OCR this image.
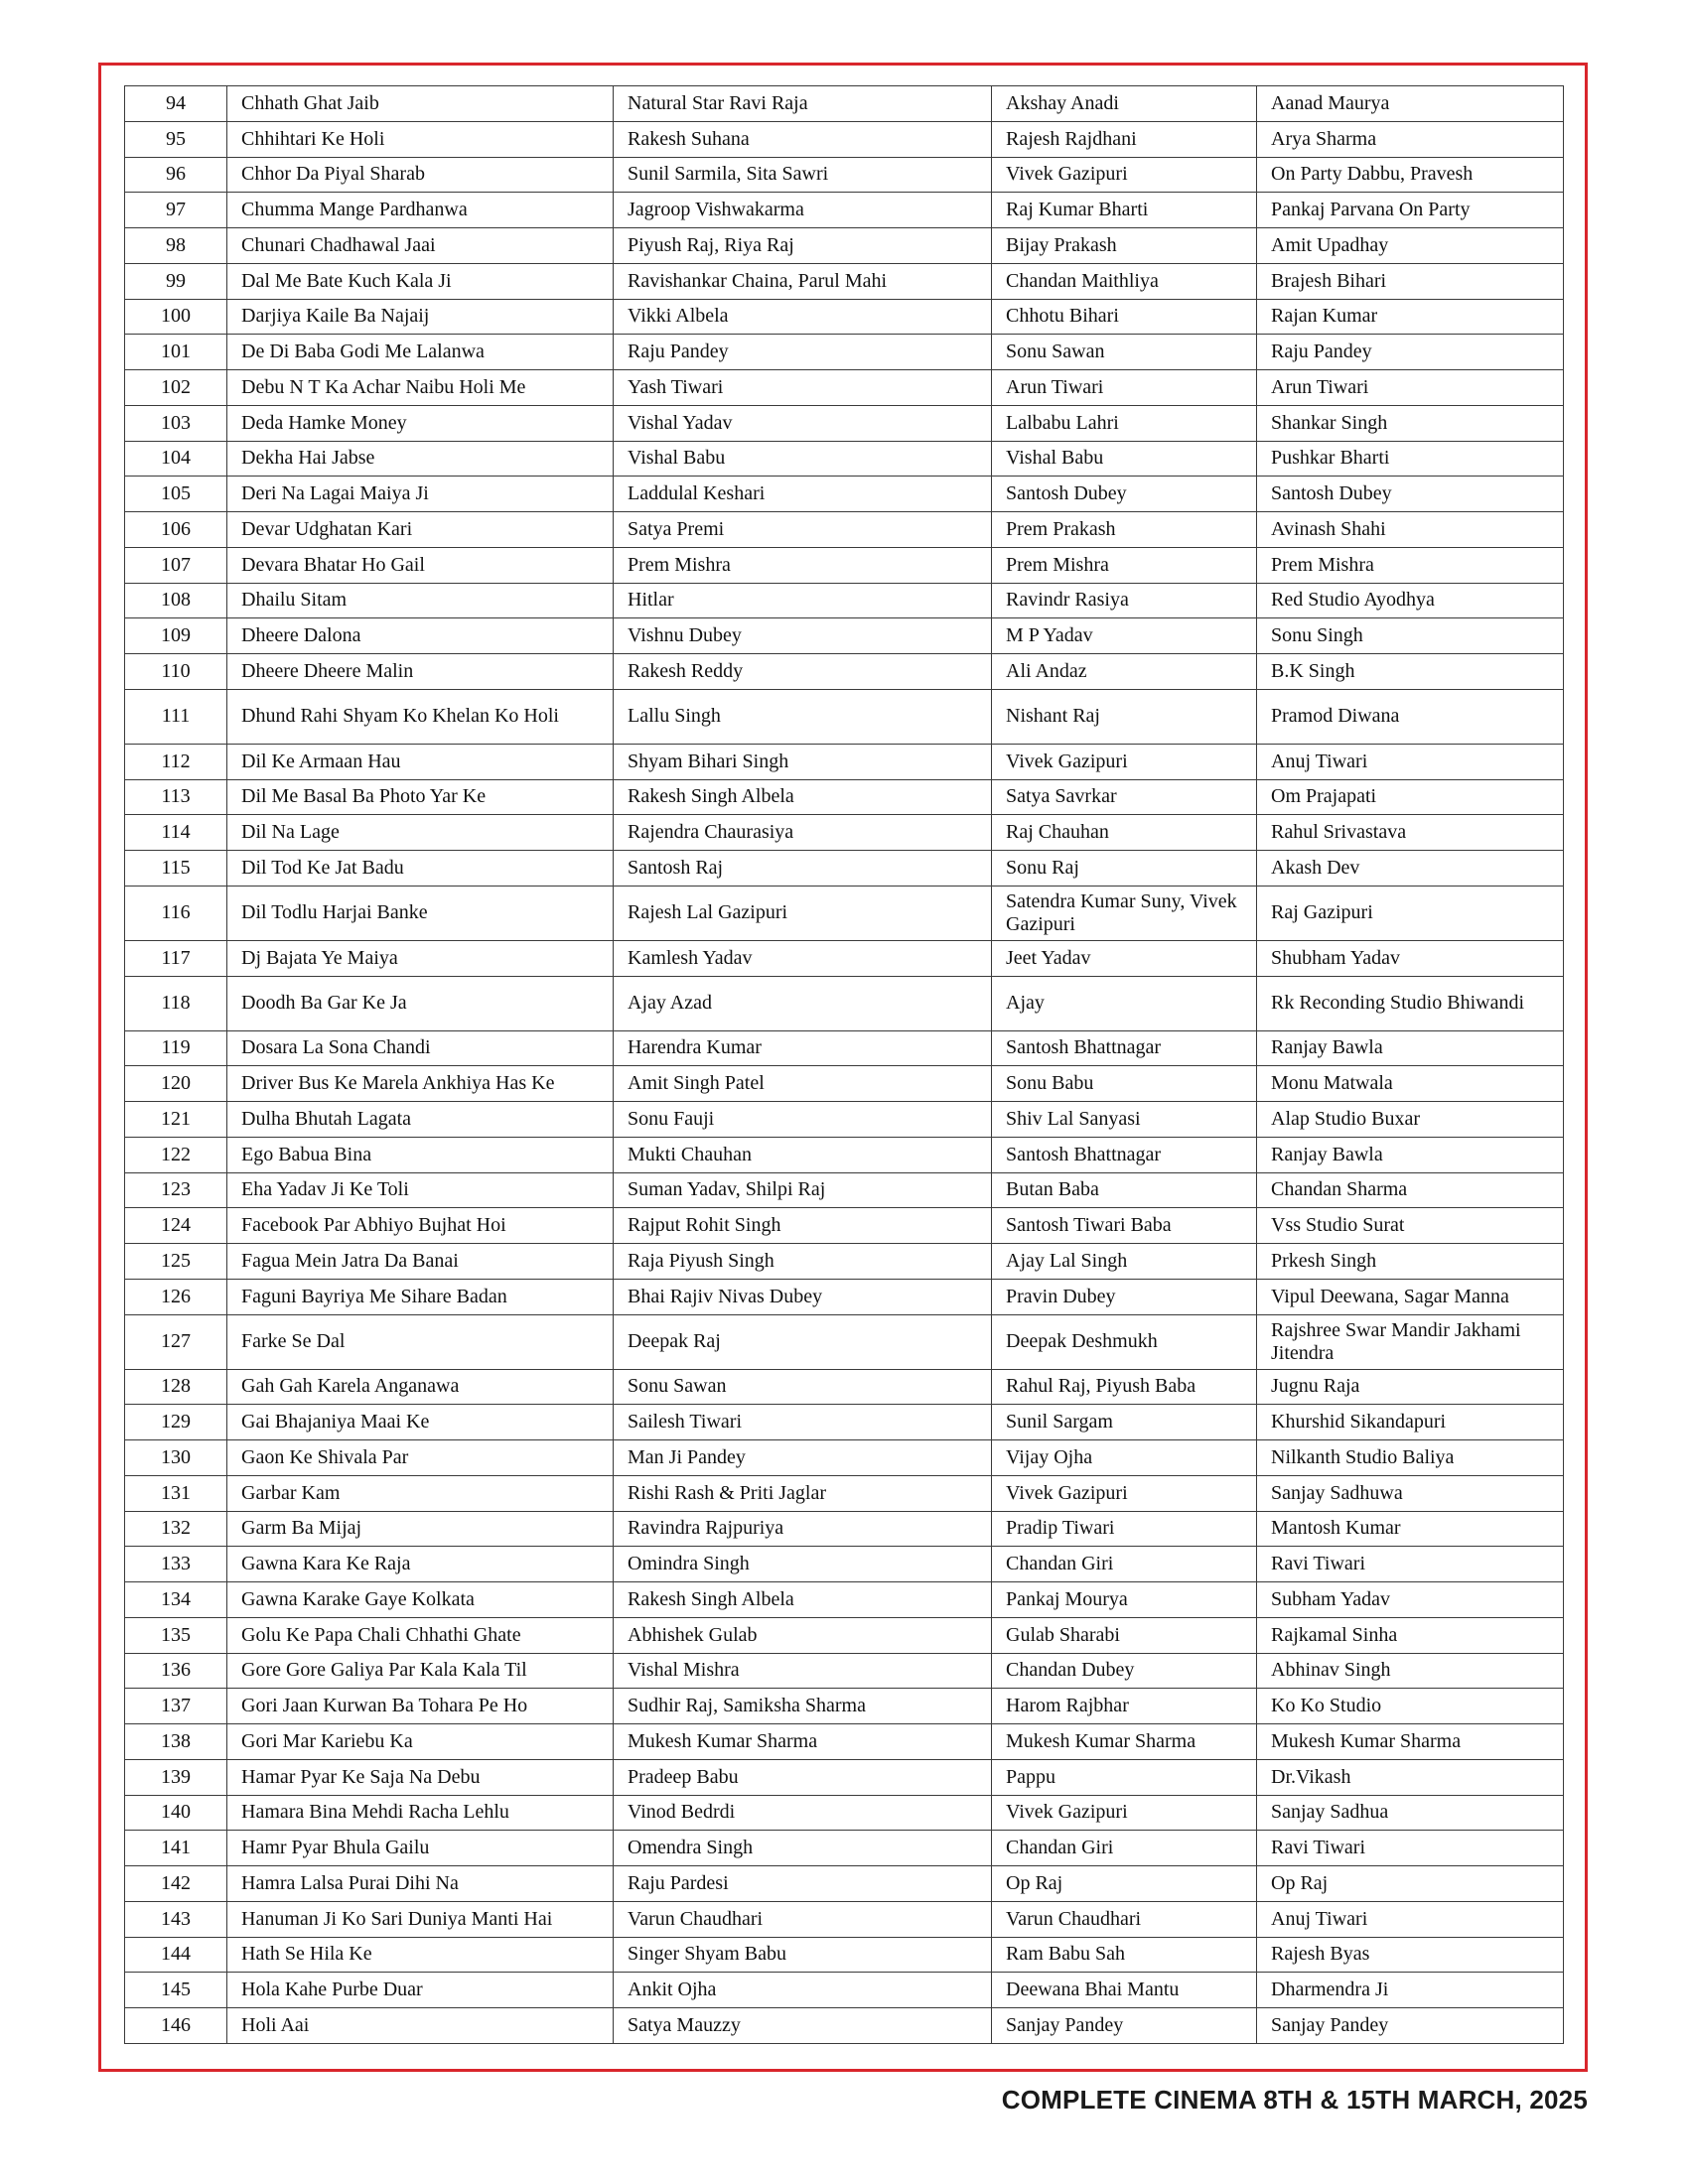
94	Chhath Ghat Jaib	Natural Star Ravi Raja	Akshay Anadi	Aanad Maurya
95	Chhihtari Ke Holi	Rakesh Suhana	Rajesh Rajdhani	Arya Sharma
96	Chhor Da Piyal Sharab	Sunil Sarmila, Sita Sawri	Vivek Gazipuri	On Party Dabbu, Pravesh
97	Chumma Mange Pardhanwa	Jagroop Vishwakarma	Raj Kumar Bharti	Pankaj Parvana On Party
98	Chunari Chadhawal Jaai	Piyush Raj, Riya Raj	Bijay Prakash	Amit Upadhay
99	Dal Me Bate Kuch Kala Ji	Ravishankar Chaina, Parul Mahi	Chandan Maithliya	Brajesh Bihari
100	Darjiya Kaile Ba Najaij	Vikki Albela	Chhotu Bihari	Rajan Kumar
101	De Di Baba Godi Me Lalanwa	Raju Pandey	Sonu Sawan	Raju Pandey
102	Debu N T Ka Achar Naibu Holi Me	Yash Tiwari	Arun Tiwari	Arun Tiwari
103	Deda Hamke Money	Vishal Yadav	Lalbabu Lahri	Shankar Singh
104	Dekha Hai Jabse	Vishal Babu	Vishal Babu	Pushkar Bharti
105	Deri Na Lagai Maiya Ji	Laddulal Keshari	Santosh Dubey	Santosh Dubey
106	Devar Udghatan Kari	Satya Premi	Prem Prakash	Avinash Shahi
107	Devara Bhatar Ho Gail	Prem Mishra	Prem Mishra	Prem Mishra
108	Dhailu Sitam	Hitlar	Ravindr Rasiya	Red Studio Ayodhya
109	Dheere Dalona	Vishnu Dubey	M P Yadav	Sonu Singh
110	Dheere Dheere Malin	Rakesh Reddy	Ali Andaz	B.K Singh
111	Dhund Rahi Shyam Ko Khelan Ko Holi	Lallu Singh	Nishant Raj	Pramod Diwana
112	Dil Ke Armaan Hau	Shyam Bihari Singh	Vivek Gazipuri	Anuj Tiwari
113	Dil Me Basal Ba Photo Yar Ke	Rakesh Singh Albela	Satya Savrkar	Om Prajapati
114	Dil Na Lage	Rajendra Chaurasiya	Raj Chauhan	Rahul Srivastava
115	Dil Tod Ke Jat Badu	Santosh Raj	Sonu Raj	Akash Dev
116	Dil Todlu Harjai Banke	Rajesh Lal Gazipuri	Satendra Kumar Suny, Vivek Gazipuri	Raj Gazipuri
117	Dj Bajata Ye Maiya	Kamlesh Yadav	Jeet Yadav	Shubham Yadav
118	Doodh Ba Gar Ke Ja	Ajay Azad	Ajay	Rk Reconding Studio Bhiwandi
119	Dosara La Sona Chandi	Harendra Kumar	Santosh Bhattnagar	Ranjay Bawla
120	Driver Bus Ke Marela Ankhiya Has Ke	Amit Singh Patel	Sonu Babu	Monu Matwala
121	Dulha Bhutah Lagata	Sonu Fauji	Shiv Lal Sanyasi	Alap Studio Buxar
122	Ego Babua Bina	Mukti Chauhan	Santosh Bhattnagar	Ranjay Bawla
123	Eha Yadav Ji Ke Toli	Suman Yadav, Shilpi Raj	Butan Baba	Chandan Sharma
124	Facebook Par Abhiyo Bujhat Hoi	Rajput Rohit Singh	Santosh Tiwari Baba	Vss Studio Surat
125	Fagua Mein Jatra Da Banai	Raja Piyush Singh	Ajay Lal Singh	Prkesh Singh
126	Faguni Bayriya Me Sihare Badan	Bhai Rajiv Nivas Dubey	Pravin Dubey	Vipul Deewana, Sagar Manna
127	Farke Se Dal	Deepak Raj	Deepak Deshmukh	Rajshree Swar Mandir Jakhami Jitendra
128	Gah Gah Karela Anganawa	Sonu Sawan	Rahul Raj, Piyush Baba	Jugnu Raja
129	Gai Bhajaniya Maai Ke	Sailesh Tiwari	Sunil Sargam	Khurshid Sikandapuri
130	Gaon Ke Shivala Par	Man Ji Pandey	Vijay Ojha	Nilkanth Studio Baliya
131	Garbar Kam	Rishi Rash & Priti Jaglar	Vivek Gazipuri	Sanjay Sadhuwa
132	Garm Ba Mijaj	Ravindra Rajpuriya	Pradip Tiwari	Mantosh Kumar
133	Gawna Kara Ke Raja	Omindra Singh	Chandan Giri	Ravi Tiwari
134	Gawna Karake Gaye Kolkata	Rakesh Singh Albela	Pankaj Mourya	Subham Yadav
135	Golu Ke Papa Chali Chhathi Ghate	Abhishek Gulab	Gulab Sharabi	Rajkamal Sinha
136	Gore Gore Galiya Par Kala Kala Til	Vishal Mishra	Chandan Dubey	Abhinav Singh
137	Gori Jaan Kurwan Ba Tohara Pe Ho	Sudhir Raj, Samiksha Sharma	Harom Rajbhar	Ko Ko Studio
138	Gori Mar Kariebu Ka	Mukesh Kumar Sharma	Mukesh Kumar Sharma	Mukesh Kumar Sharma
139	Hamar Pyar Ke Saja Na Debu	Pradeep Babu	Pappu	Dr.Vikash
140	Hamara Bina Mehdi Racha Lehlu	Vinod Bedrdi	Vivek Gazipuri	Sanjay Sadhua
141	Hamr Pyar Bhula Gailu	Omendra Singh	Chandan Giri	Ravi Tiwari
142	Hamra Lalsa Purai Dihi Na	Raju Pardesi	Op Raj	Op Raj
143	Hanuman Ji Ko Sari Duniya Manti Hai	Varun Chaudhari	Varun Chaudhari	Anuj Tiwari
144	Hath Se Hila Ke	Singer Shyam Babu	Ram Babu Sah	Rajesh Byas
145	Hola Kahe Purbe Duar	Ankit Ojha	Deewana Bhai Mantu	Dharmendra Ji
146	Holi Aai	Satya Mauzzy	Sanjay Pandey	Sanjay Pandey
COMPLETE CINEMA 8TH & 15TH MARCH, 2025
